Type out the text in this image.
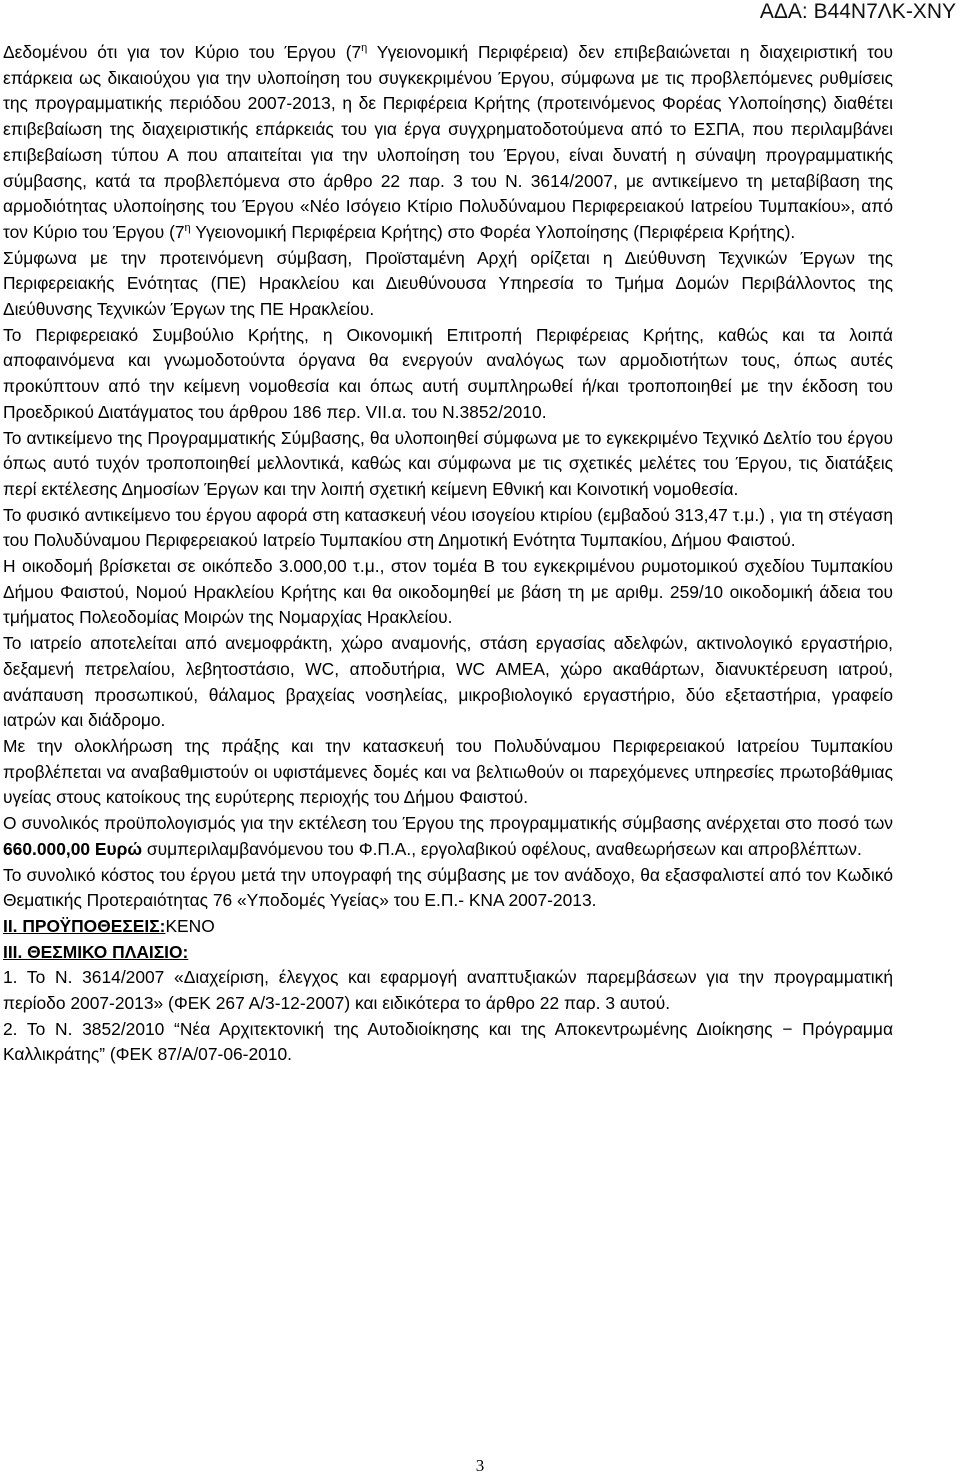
ΑΔΑ: Β44Ν7ΛΚ-ΧΝΥ

Δεδομένου ότι για τον Κύριο του Έργου ($7^\eta$ Υγειονομική Περιφέρεια) δεν επιβεβαιώνεται η διαχειριστική του επάρκεια ως δικαιούχου για την υλοποίηση του συγκεκριμένου Έργου, σύμφωνα με τις προβλεπόμενες ρυθμίσεις της προγραμματικής περιόδου 2007-2013, η δε Περιφέρεια Κρήτης (προτεινόμενος Φορέας Υλοποίησης) διαθέτει επιβεβαίωση της διαχειριστικής επάρκειάς του για έργα συγχρηματοδοτούμενα από το ΕΣΠΑ, που περιλαμβάνει επιβεβαίωση τύπου Α που απαιτείται για την υλοποίηση του Έργου, είναι δυνατή η σύναψη προγραμματικής σύμβασης, κατά τα προβλεπόμενα στο άρθρο 22 παρ. 3 του Ν. 3614/2007, με αντικείμενο τη μεταβίβαση της αρμοδιότητας υλοποίησης του Έργου «Νέο Ισόγειο Κτίριο Πολυδύναμου Περιφερειακού Ιατρείου Τυμπακίου», από τον Κύριο του Έργου ($7^\eta$ Υγειονομική Περιφέρεια Κρήτης) στο Φορέα Υλοποίησης (Περιφέρεια Κρήτης).

Σύμφωνα με την προτεινόμενη σύμβαση, Προϊσταμένη Αρχή ορίζεται η Διεύθυνση Τεχνικών Έργων της Περιφερειακής Ενότητας (ΠΕ) Ηρακλείου και Διευθύνουσα Υπηρεσία το Τμήμα Δομών Περιβάλλοντος της Διεύθυνσης Τεχνικών Έργων της ΠΕ Ηρακλείου.

Το Περιφερειακό Συμβούλιο Κρήτης, η Οικονομική Επιτροπή Περιφέρειας Κρήτης, καθώς και τα λοιπά αποφαινόμενα και γνωμοδοτούντα όργανα θα ενεργούν αναλόγως των αρμοδιοτήτων τους, όπως αυτές προκύπτουν από την κείμενη νομοθεσία και όπως αυτή συμπληρωθεί ή/και τροποποιηθεί με την έκδοση του Προεδρικού Διατάγματος του άρθρου 186 περ. VII.α. του Ν.3852/2010.

Το αντικείμενο της Προγραμματικής Σύμβασης, θα υλοποιηθεί σύμφωνα με το εγκεκριμένο Τεχνικό Δελτίο του έργου όπως αυτό τυχόν τροποποιηθεί μελλοντικά, καθώς και σύμφωνα με τις σχετικές μελέτες του Έργου, τις διατάξεις περί εκτέλεσης Δημοσίων Έργων και την λοιπή σχετική κείμενη Εθνική και Κοινοτική νομοθεσία.

Το φυσικό αντικείμενο του έργου αφορά στη κατασκευή νέου ισογείου κτιρίου (εμβαδού 313,47 τ.μ.) , για τη στέγαση του Πολυδύναμου Περιφερειακού Ιατρείο Τυμπακίου στη Δημοτική Ενότητα Τυμπακίου, Δήμου Φαιστού.

Η οικοδομή βρίσκεται σε οικόπεδο 3.000,00 τ.μ., στον τομέα Β του εγκεκριμένου ρυμοτομικού σχεδίου Τυμπακίου Δήμου Φαιστού, Νομού Ηρακλείου Κρήτης και θα οικοδομηθεί με βάση τη με αριθμ. 259/10 οικοδομική άδεια του τμήματος Πολεοδομίας Μοιρών της Νομαρχίας Ηρακλείου.

Το ιατρείο αποτελείται από ανεμοφράκτη, χώρο αναμονής, στάση εργασίας αδελφών, ακτινολογικό εργαστήριο, δεξαμενή πετρελαίου, λεβητοστάσιο, WC, αποδυτήρια, WC ΑΜΕΑ, χώρο ακαθάρτων, διανυκτέρευση ιατρού, ανάπαυση προσωπικού, θάλαμος βραχείας νοσηλείας, μικροβιολογικό εργαστήριο, δύο εξεταστήρια, γραφείο ιατρών και διάδρομο.

Με την ολοκλήρωση της πράξης και την κατασκευή του Πολυδύναμου Περιφερειακού Ιατρείου Τυμπακίου προβλέπεται να αναβαθμιστούν οι υφιστάμενες δομές και να βελτιωθούν οι παρεχόμενες υπηρεσίες πρωτοβάθμιας υγείας στους κατοίκους της ευρύτερης περιοχής του Δήμου Φαιστού.

Ο συνολικός προϋπολογισμός για την εκτέλεση του Έργου της προγραμματικής σύμβασης ανέρχεται στο ποσό των 660.000,00 Ευρώ συμπεριλαμβανόμενου του Φ.Π.Α., εργολαβικού οφέλους, αναθεωρήσεων και απροβλέπτων.

Το συνολικό κόστος του έργου μετά την υπογραφή της σύμβασης με τον ανάδοχο, θα εξασφαλιστεί από τον Κωδικό Θεματικής Προτεραιότητας 76 «Υποδομές Υγείας» του Ε.Π.- ΚΝΑ 2007-2013.

ΙΙ. ΠΡΟΫΠΟΘΕΣΕΙΣ:ΚΕΝΟ

ΙΙΙ. ΘΕΣΜΙΚΟ ΠΛΑΙΣΙΟ:

1. Το Ν. 3614/2007 «Διαχείριση, έλεγχος και εφαρμογή αναπτυξιακών παρεμβάσεων για την προγραμματική περίοδο 2007-2013» (ΦΕΚ 267 Α/3-12-2007) και ειδικότερα το άρθρο 22 παρ. 3 αυτού.

2. Το Ν. 3852/2010 “Νέα Αρχιτεκτονική της Αυτοδιοίκησης και της Αποκεντρωμένης Διοίκησης − Πρόγραμμα Καλλικράτης” (ΦΕΚ 87/Α/07-06-2010.

3
